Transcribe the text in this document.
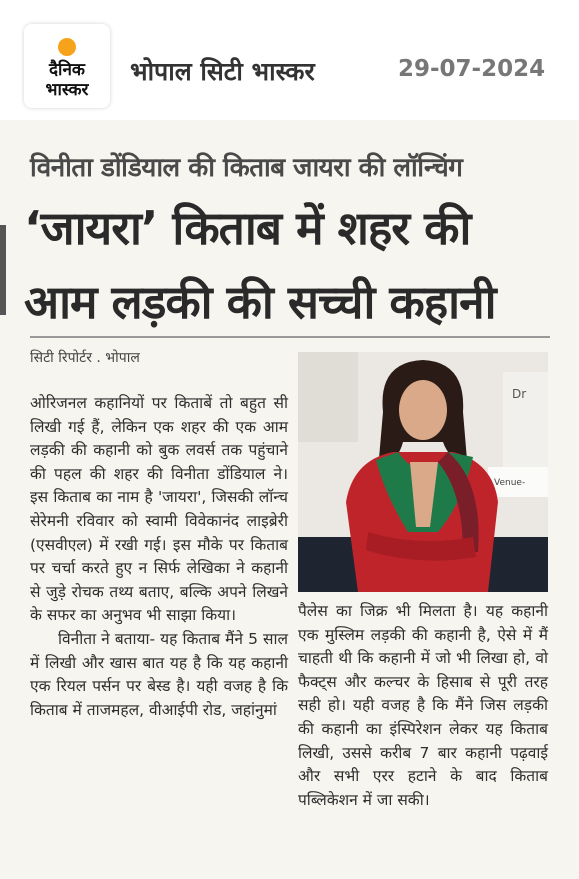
दैनिक
भास्कर
भोपाल सिटी भास्कर	29-07-2024
विनीता डोंडियाल की किताब जायरा की लॉन्चिंग
‘जायरा’ किताब में शहर की
आम लड़की की सच्ची कहानी
सिटी रिपोर्टर . भोपाल
Dr
Venue-

ओरिजनल कहानियों पर किताबें तो बहुत सी लिखी गई हैं, लेकिन एक शहर की एक आम लड़की की कहानी को बुक लवर्स तक पहुंचाने की पहल की शहर की विनीता डोंडियाल ने। इस किताब का नाम है 'जायरा', जिसकी लॉन्च सेरेमनी रविवार को स्वामी विवेकानंद लाइब्रेरी (एसवीएल) में रखी गई। इस मौके पर किताब पर चर्चा करते हुए न सिर्फ लेखिका ने कहानी से जुड़े रोचक तथ्य बताए, बल्कि अपने लिखने के सफर का अनुभव भी साझा किया।

विनीता ने बताया- यह किताब मैंने 5 साल में लिखी और खास बात यह है कि यह कहानी एक रियल पर्सन पर बेस्ड है। यही वजह है कि किताब में ताजमहल, वीआईपी रोड, जहांनुमां

पैलेस का जिक्र भी मिलता है। यह कहानी एक मुस्लिम लड़की की कहानी है, ऐसे में मैं चाहती थी कि कहानी में जो भी लिखा हो, वो फैक्ट्स और कल्चर के हिसाब से पूरी तरह सही हो। यही वजह है कि मैंने जिस लड़की की कहानी का इंस्पिरेशन लेकर यह किताब लिखी, उससे करीब 7 बार कहानी पढ़वाई और सभी एरर हटाने के बाद किताब पब्लिकेशन में जा सकी।
